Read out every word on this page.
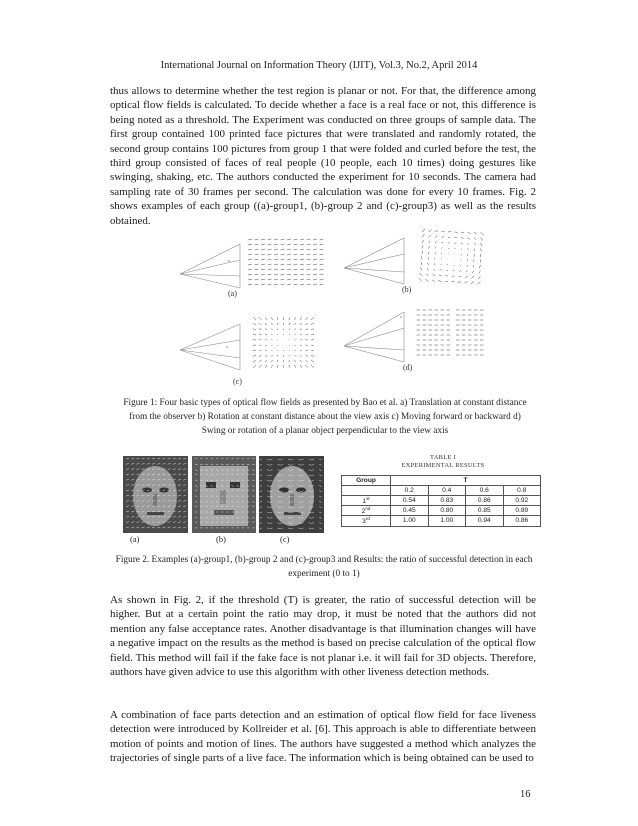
International Journal on Information Theory (IJIT), Vol.3, No.2, April 2014

thus allows to determine whether the test region is planar or not. For that, the difference among optical flow fields is calculated. To decide whether a face is a real face or not, this difference is being noted as a threshold. The Experiment was conducted on three groups of sample data. The first group contained 100 printed face pictures that were translated and randomly rotated, the second group contains 100 pictures from group 1 that were folded and curled before the test, the third group consisted of faces of real people (10 people, each 10 times) doing gestures like swinging, shaking, etc. The authors conducted the experiment for 10 seconds. The camera had sampling rate of 30 frames per second. The calculation was done for every 10 frames. Fig. 2 shows examples of each group ((a)-group1, (b)-group 2 and (c)-group3) as well as the results obtained.

x
(a)	(b)
x
(c)
x
(d)
Figure 1: Four basic types of optical flow fields as presented by Bao et al. a) Translation at constant distance from the observer b) Rotation at constant distance about the view axis c) Moving forward or backward d) Swing or rotation of a planar object perpendicular to the view axis
(a)	(b)	(c)
TABLE I
EXPERIMENTAL RESULTS
Group	T			
	0.2	0.4	0.6	0.8
1st	0.54	0.83	0.86	0.92
2nd	0.45	0.80	0.85	0.89
3rd	1.00	1.00	0.94	0.86
Figure 2. Examples (a)-group1, (b)-group 2 and (c)-group3 and Results: the ratio of successful detection in each experiment (0 to 1)

As shown in Fig. 2, if the threshold (T) is greater, the ratio of successful detection will be higher. But at a certain point the ratio may drop, it must be noted that the authors did not mention any false acceptance rates. Another disadvantage is that illumination changes will have a negative impact on the results as the method is based on precise calculation of the optical flow field. This method will fail if the fake face is not planar i.e. it will fail for 3D objects. Therefore, authors have given advice to use this algorithm with other liveness detection methods.

A combination of face parts detection and an estimation of optical flow field for face liveness detection were introduced by Kollreider et al. [6]. This approach is able to differentiate between motion of points and motion of lines. The authors have suggested a method which analyzes the trajectories of single parts of a live face. The information which is being obtained can be used to

16
